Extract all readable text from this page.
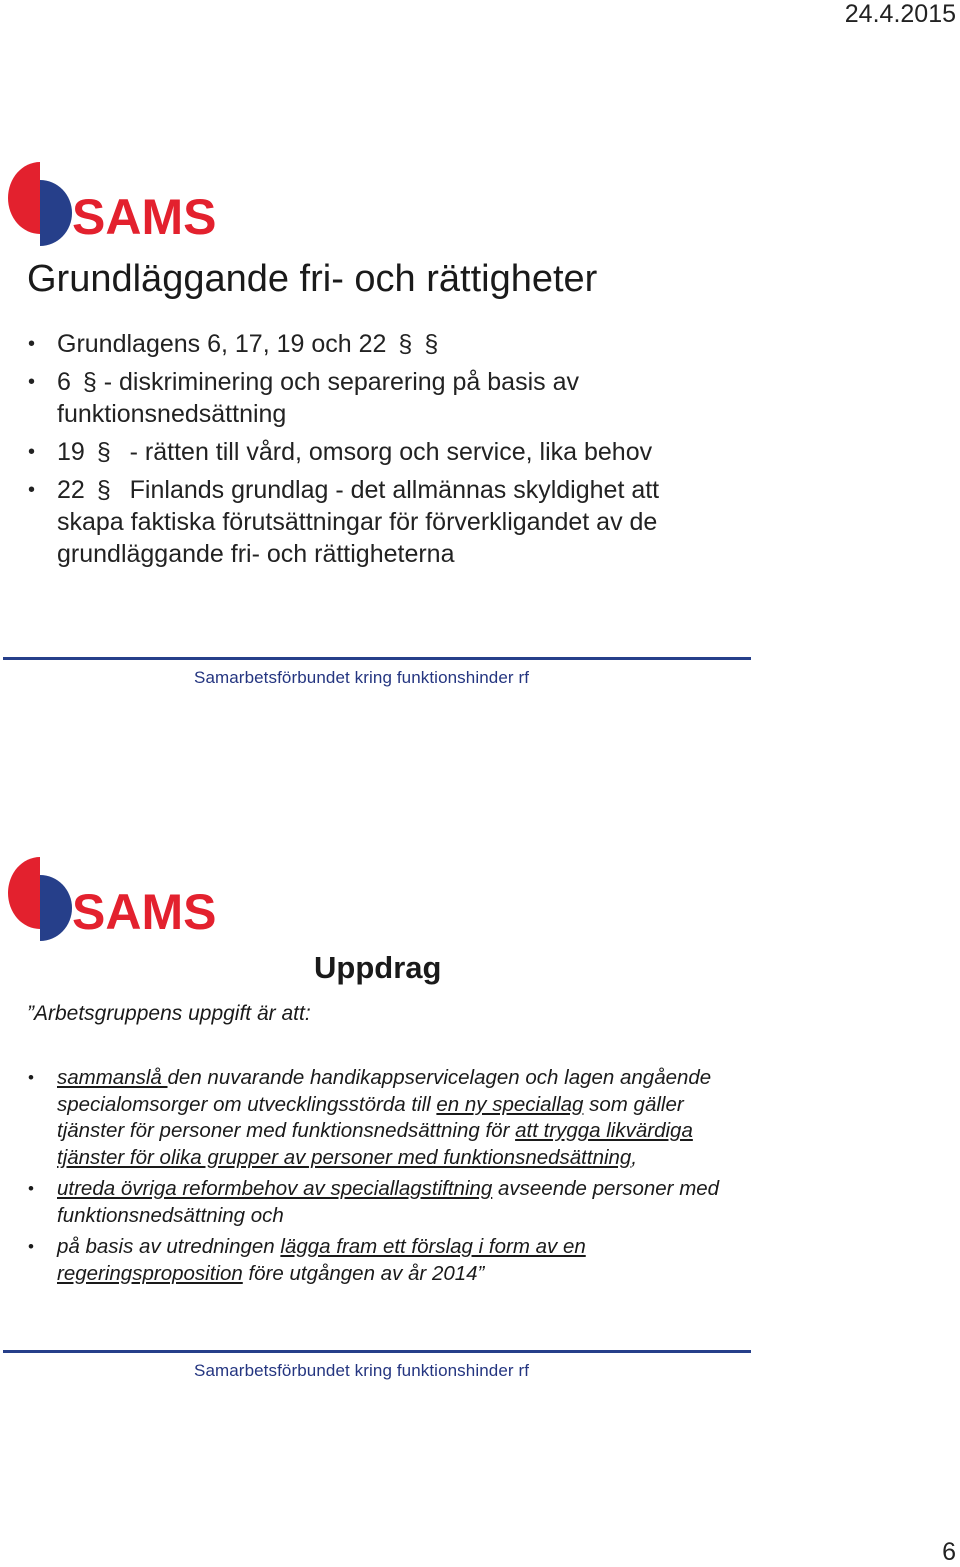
24.4.2015
SAMS
Grundläggande fri- och rättigheter
• Grundlagens 6, 17, 19 och 22 § §
• 6 § - diskriminering och separering på basis av funktionsnedsättning
• 19 § - rätten till vård, omsorg och service, lika behov
• 22 § Finlands grundlag - det allmännas skyldighet att skapa faktiska förutsättningar för förverkligandet av de grundläggande fri- och rättigheterna
Samarbetsförbundet kring funktionshinder rf
SAMS
Uppdrag
”Arbetsgruppens uppgift är att:
• sammanslå den nuvarande handikappservicelagen och lagen angående specialomsorger om utvecklingsstörda till en ny speciallag som gäller tjänster för personer med funktionsnedsättning för att trygga likvärdiga tjänster för olika grupper av personer med funktionsnedsättning,
• utreda övriga reformbehov av speciallagstiftning avseende personer med funktionsnedsättning och
• på basis av utredningen lägga fram ett förslag i form av en regeringsproposition före utgången av år 2014”
Samarbetsförbundet kring funktionshinder rf
6
